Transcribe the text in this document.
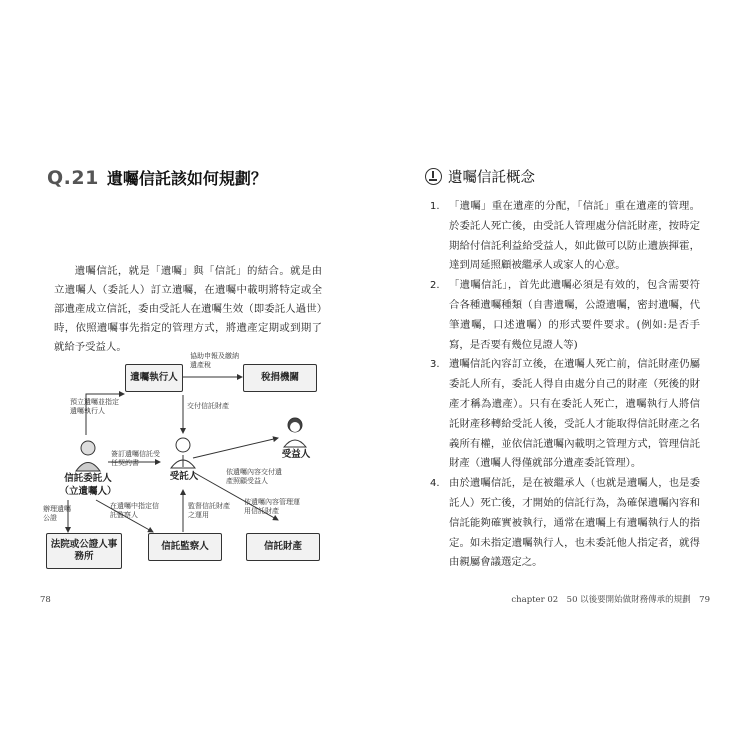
Q.21 遺囑信託該如何規劃？

遺囑信託，就是「遺囑」與「信託」的結合。就是由立遺囑人（委託人）訂立遺囑，在遺囑中載明將特定或全部遺產成立信託，委由受託人在遺囑生效（即委託人過世）時，依照遺囑事先指定的管理方式，將遺產定期或到期了就給予受益人。

遺囑執行人	稅捐機關
法院或公證人事務所
信託監察人	信託財產
信託委託人（立遺囑人）
受託人
受益人
協助申報及繳納遺產稅
預立遺囑並指定遺囑執行人
交付信託財產
簽訂遺囑信託受任契約書
依遺囑內容交付遺產照顧受益人
依遺囑內容管理運用信託財產
辦理遺囑公證
在遺囑中指定信託監察人
監督信託財產之運用
78
遺囑信託概念
1. 「遺囑」重在遺產的分配，「信託」重在遺產的管理。於委託人死亡後，由受託人管理處分信託財產，按時定期給付信託利益給受益人，如此做可以防止遺族揮霍，達到周延照顧被繼承人或家人的心意。
2. 「遺囑信託」，首先此遺囑必須是有效的，包含需要符合各種遺囑種類（自書遺囑，公證遺囑，密封遺囑，代筆遺囑，口述遺囑）的形式要件要求。(例如:是否手寫，是否要有幾位見證人等)
3. 遺囑信託內容訂立後，在遺囑人死亡前，信託財產仍屬委託人所有，委託人得自由處分自己的財產（死後的財產才稱為遺產）。只有在委託人死亡，遺囑執行人將信託財產移轉給受託人後，受託人才能取得信託財產之名義所有權，並依信託遺囑內載明之管理方式，管理信託財產（遺囑人得僅就部分遺產委託管理）。
4. 由於遺囑信託，是在被繼承人（也就是遺囑人，也是委託人）死亡後，才開始的信託行為，為確保遺囑內容和信託能夠確實被執行，通常在遺囑上有遺囑執行人的指定。如未指定遺囑執行人，也未委託他人指定者，就得由親屬會議選定之。
chapter 02　50 以後要開始做財務傳承的規劃　79
